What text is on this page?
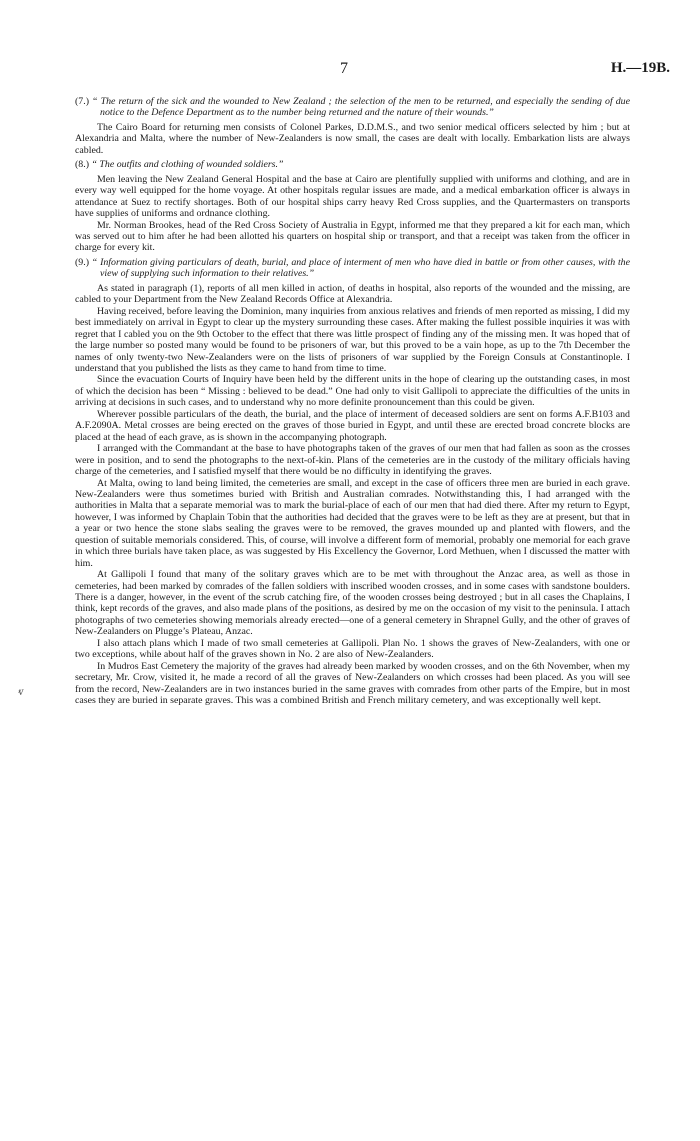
7	H.—19B.
ⱴ

(7.) “ The return of the sick and the wounded to New Zealand ; the selection of the men to be returned, and especially the sending of due notice to the Defence Department as to the number being returned and the nature of their wounds.”

The Cairo Board for returning men consists of Colonel Parkes, D.D.M.S., and two senior medical officers selected by him ; but at Alexandria and Malta, where the number of New-Zealanders is now small, the cases are dealt with locally. Embarkation lists are always cabled.

(8.) “ The outfits and clothing of wounded soldiers.”

Men leaving the New Zealand General Hospital and the base at Cairo are plentifully supplied with uniforms and clothing, and are in every way well equipped for the home voyage. At other hospitals regular issues are made, and a medical embarkation officer is always in attendance at Suez to rectify shortages. Both of our hospital ships carry heavy Red Cross supplies, and the Quartermasters on transports have supplies of uniforms and ordnance clothing.

Mr. Norman Brookes, head of the Red Cross Society of Australia in Egypt, informed me that they prepared a kit for each man, which was served out to him after he had been allotted his quarters on hospital ship or transport, and that a receipt was taken from the officer in charge for every kit.

(9.) “ Information giving particulars of death, burial, and place of interment of men who have died in battle or from other causes, with the view of supplying such information to their relatives.”

As stated in paragraph (1), reports of all men killed in action, of deaths in hospital, also reports of the wounded and the missing, are cabled to your Department from the New Zealand Records Office at Alexandria.

Having received, before leaving the Dominion, many inquiries from anxious relatives and friends of men reported as missing, I did my best immediately on arrival in Egypt to clear up the mystery surrounding these cases. After making the fullest possible inquiries it was with regret that I cabled you on the 9th October to the effect that there was little prospect of finding any of the missing men. It was hoped that of the large number so posted many would be found to be prisoners of war, but this proved to be a vain hope, as up to the 7th December the names of only twenty-two New-Zealanders were on the lists of prisoners of war supplied by the Foreign Consuls at Constantinople. I understand that you published the lists as they came to hand from time to time.

Since the evacuation Courts of Inquiry have been held by the different units in the hope of clearing up the outstanding cases, in most of which the decision has been “ Missing : believed to be dead.” One had only to visit Gallipoli to appreciate the difficulties of the units in arriving at decisions in such cases, and to understand why no more definite pronouncement than this could be given.

Wherever possible particulars of the death, the burial, and the place of interment of deceased soldiers are sent on forms A.F.B103 and A.F.2090A. Metal crosses are being erected on the graves of those buried in Egypt, and until these are erected broad concrete blocks are placed at the head of each grave, as is shown in the accompanying photograph.

I arranged with the Commandant at the base to have photographs taken of the graves of our men that had fallen as soon as the crosses were in position, and to send the photographs to the next-of-kin. Plans of the cemeteries are in the custody of the military officials having charge of the cemeteries, and I satisfied myself that there would be no difficulty in identifying the graves.

At Malta, owing to land being limited, the cemeteries are small, and except in the case of officers three men are buried in each grave. New-Zealanders were thus sometimes buried with British and Australian comrades. Notwithstanding this, I had arranged with the authorities in Malta that a separate memorial was to mark the burial-place of each of our men that had died there. After my return to Egypt, however, I was informed by Chaplain Tobin that the authorities had decided that the graves were to be left as they are at present, but that in a year or two hence the stone slabs sealing the graves were to be removed, the graves mounded up and planted with flowers, and the question of suitable memorials considered. This, of course, will involve a different form of memorial, probably one memorial for each grave in which three burials have taken place, as was suggested by His Excellency the Governor, Lord Methuen, when I discussed the matter with him.

At Gallipoli I found that many of the solitary graves which are to be met with throughout the Anzac area, as well as those in cemeteries, had been marked by comrades of the fallen soldiers with inscribed wooden crosses, and in some cases with sandstone boulders. There is a danger, however, in the event of the scrub catching fire, of the wooden crosses being destroyed ; but in all cases the Chaplains, I think, kept records of the graves, and also made plans of the positions, as desired by me on the occasion of my visit to the peninsula. I attach photographs of two cemeteries showing memorials already erected—one of a general cemetery in Shrapnel Gully, and the other of graves of New-Zealanders on Plugge’s Plateau, Anzac.

I also attach plans which I made of two small cemeteries at Gallipoli. Plan No. 1 shows the graves of New-Zealanders, with one or two exceptions, while about half of the graves shown in No. 2 are also of New-Zealanders.

In Mudros East Cemetery the majority of the graves had already been marked by wooden crosses, and on the 6th November, when my secretary, Mr. Crow, visited it, he made a record of all the graves of New-Zealanders on which crosses had been placed. As you will see from the record, New-Zealanders are in two instances buried in the same graves with comrades from other parts of the Empire, but in most cases they are buried in separate graves. This was a combined British and French military cemetery, and was exceptionally well kept.
